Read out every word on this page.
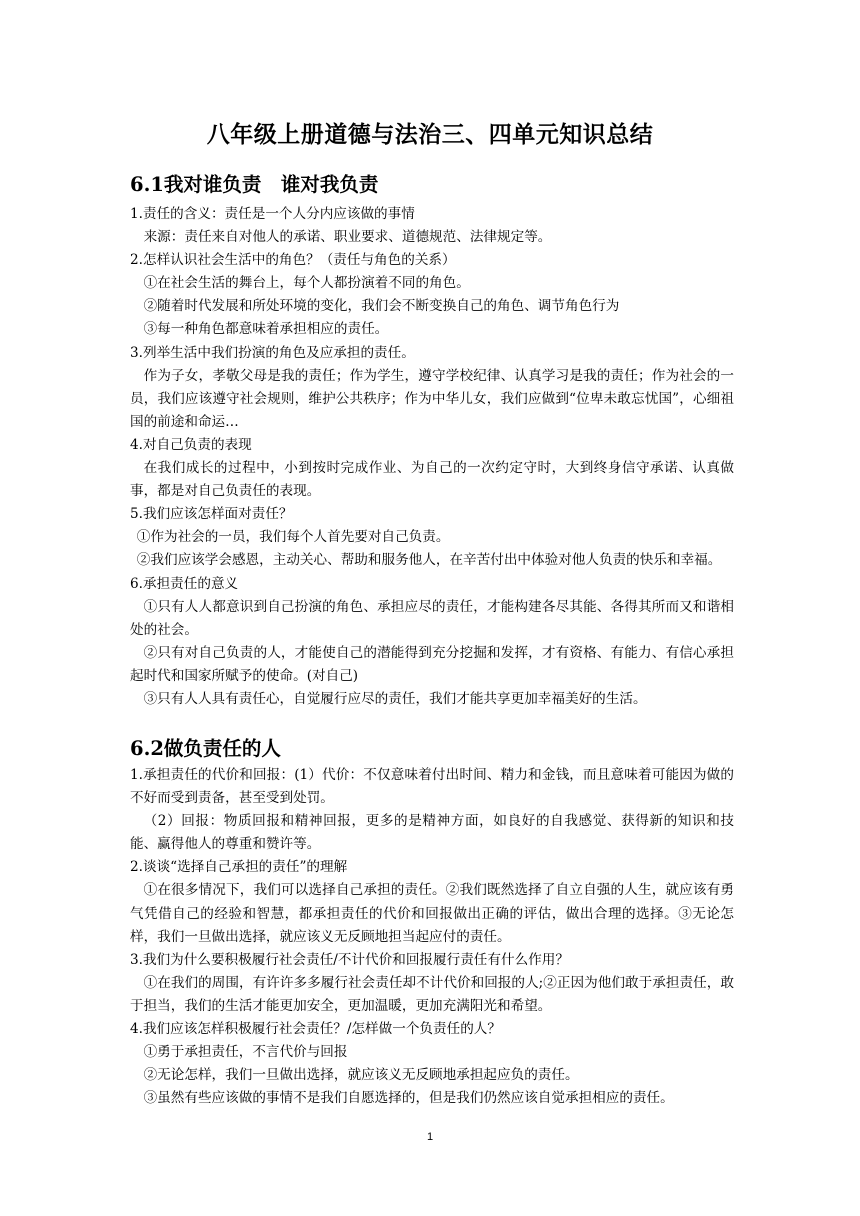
八年级上册道德与法治三、四单元知识总结
6.1我对谁负责　谁对我负责

1.责任的含义：责任是一个人分内应该做的事情

来源：责任来自对他人的承诺、职业要求、道德规范、法律规定等。

2.怎样认识社会生活中的角色？（责任与角色的关系）

①在社会生活的舞台上，每个人都扮演着不同的角色。

②随着时代发展和所处环境的变化，我们会不断变换自己的角色、调节角色行为

③每一种角色都意味着承担相应的责任。

3.列举生活中我们扮演的角色及应承担的责任。

作为子女，孝敬父母是我的责任；作为学生，遵守学校纪律、认真学习是我的责任；作为社会的一员，我们应该遵守社会规则，维护公共秩序；作为中华儿女，我们应做到“位卑未敢忘忧国”，心细祖国的前途和命运…

4.对自己负责的表现

在我们成长的过程中，小到按时完成作业、为自己的一次约定守时，大到终身信守承诺、认真做事，都是对自己负责任的表现。

5.我们应该怎样面对责任？

①作为社会的一员，我们每个人首先要对自己负责。

②我们应该学会感恩，主动关心、帮助和服务他人，在辛苦付出中体验对他人负责的快乐和幸福。

6.承担责任的意义

①只有人人都意识到自己扮演的角色、承担应尽的责任，才能构建各尽其能、各得其所而又和谐相处的社会。

②只有对自己负责的人，才能使自己的潜能得到充分挖掘和发挥，才有资格、有能力、有信心承担起时代和国家所赋予的使命。(对自己)

③只有人人具有责任心，自觉履行应尽的责任，我们才能共享更加幸福美好的生活。

6.2做负责任的人

1.承担责任的代价和回报：(1）代价：不仅意味着付出时间、精力和金钱，而且意味着可能因为做的不好而受到责备，甚至受到处罚。

（2）回报：物质回报和精神回报，更多的是精神方面，如良好的自我感觉、获得新的知识和技能、赢得他人的尊重和赞许等。

2.谈谈“选择自己承担的责任”的理解

①在很多情况下，我们可以选择自己承担的责任。②我们既然选择了自立自强的人生，就应该有勇气凭借自己的经验和智慧，都承担责任的代价和回报做出正确的评估，做出合理的选择。③无论怎样，我们一旦做出选择，就应该义无反顾地担当起应付的责任。

3.我们为什么要积极履行社会责任/不计代价和回报履行责任有什么作用？

①在我们的周围，有许许多多履行社会责任却不计代价和回报的人;②正因为他们敢于承担责任，敢于担当，我们的生活才能更加安全，更加温暖，更加充满阳光和希望。

4.我们应该怎样积极履行社会责任？/怎样做一个负责任的人？

①勇于承担责任，不言代价与回报

②无论怎样，我们一旦做出选择，就应该义无反顾地承担起应负的责任。

③虽然有些应该做的事情不是我们自愿选择的，但是我们仍然应该自觉承担相应的责任。

1
